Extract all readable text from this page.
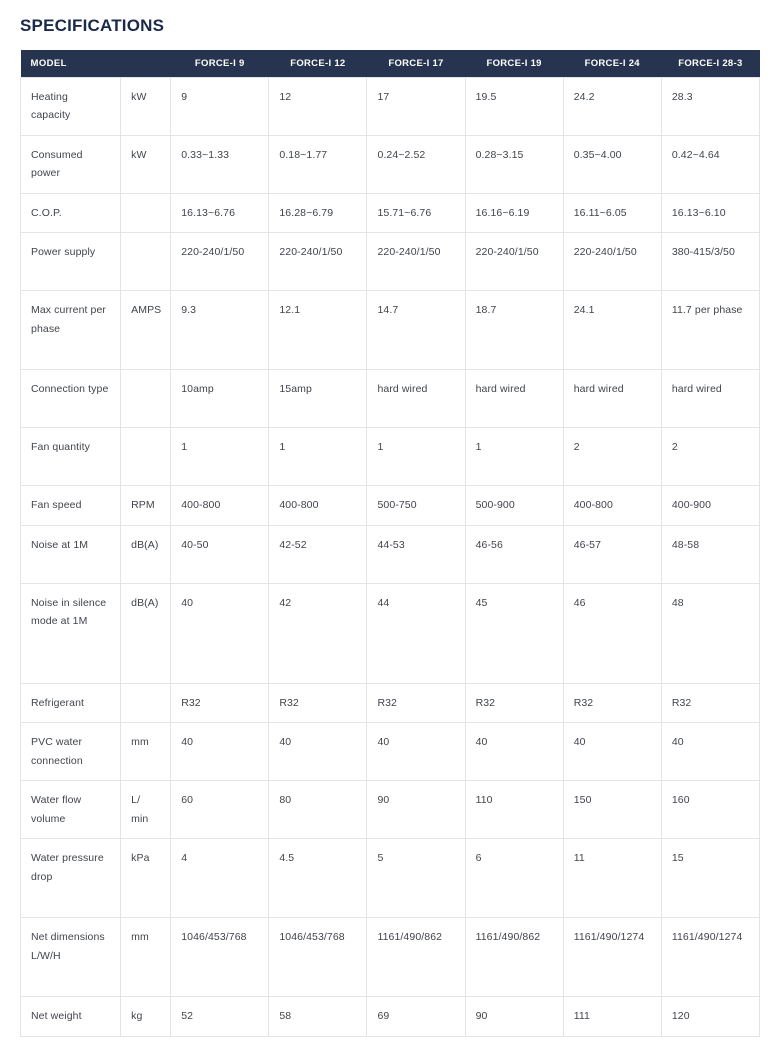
SPECIFICATIONS
MODEL		FORCE-I 9	FORCE-I 12	FORCE-I 17	FORCE-I 19	FORCE-I 24	FORCE-I 28-3
Heating capacity	kW	9	12	17	19.5	24.2	28.3
Consumed power	kW	0.33~1.33	0.18~1.77	0.24~2.52	0.28~3.15	0.35~4.00	0.42~4.64
C.O.P.		16.13~6.76	16.28~6.79	15.71~6.76	16.16~6.19	16.11~6.05	16.13~6.10
Power supply		220-240/1/50	220-240/1/50	220-240/1/50	220-240/1/50	220-240/1/50	380-415/3/50
Max current per phase	AMPS	9.3	12.1	14.7	18.7	24.1	11.7 per phase
Connection type		10amp	15amp	hard wired	hard wired	hard wired	hard wired
Fan quantity		1	1	1	1	2	2
Fan speed	RPM	400-800	400-800	500-750	500-900	400-800	400-900
Noise at 1M	dB(A)	40-50	42-52	44-53	46-56	46-57	48-58
Noise in silence mode at 1M	dB(A)	40	42	44	45	46	48
Refrigerant		R32	R32	R32	R32	R32	R32
PVC water connection	mm	40	40	40	40	40	40
Water flow volume	L/ min	60	80	90	110	150	160
Water pressure drop	kPa	4	4.5	5	6	11	15
Net dimensions L/W/H	mm	1046/453/768	1046/453/768	1161/490/862	1161/490/862	1161/490/1274	1161/490/1274
Net weight	kg	52	58	69	90	111	120
